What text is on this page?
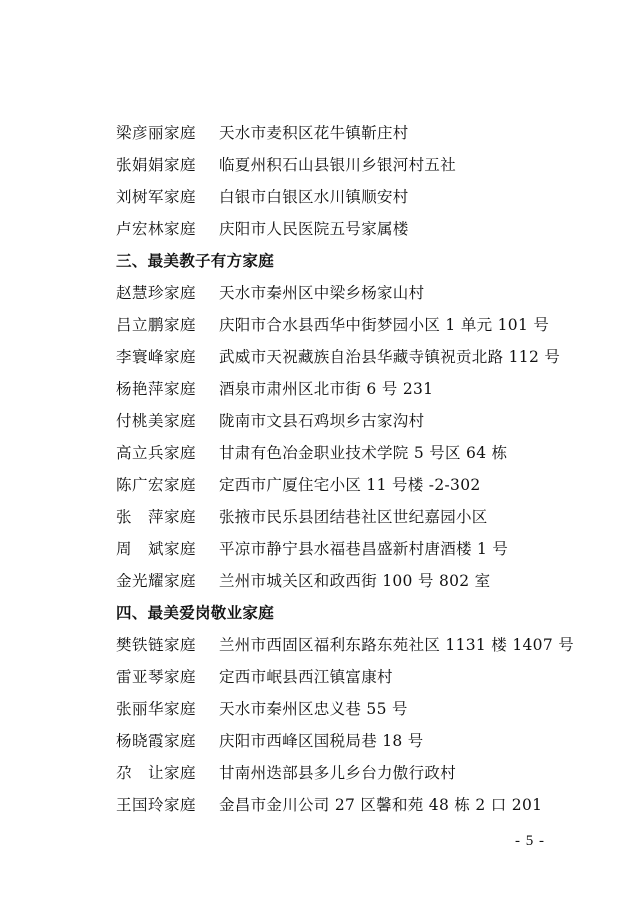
梁彦丽家庭	天水市麦积区花牛镇靳庄村
张娟娟家庭	临夏州积石山县银川乡银河村五社
刘树军家庭	白银市白银区水川镇顺安村
卢宏林家庭	庆阳市人民医院五号家属楼
三、最美教子有方家庭
赵慧珍家庭	天水市秦州区中梁乡杨家山村
吕立鹏家庭	庆阳市合水县西华中街梦园小区 1 单元 101 号
李寰峰家庭	武威市天祝藏族自治县华藏寺镇祝贡北路 112 号
杨艳萍家庭	酒泉市肃州区北市街 6 号 231
付桃美家庭	陇南市文县石鸡坝乡古家沟村
高立兵家庭	甘肃有色冶金职业技术学院 5 号区 64 栋
陈广宏家庭	定西市广厦住宅小区 11 号楼 -2-302
张　萍家庭	张掖市民乐县团结巷社区世纪嘉园小区
周　斌家庭	平凉市静宁县水福巷昌盛新村唐酒楼 1 号
金光耀家庭	兰州市城关区和政西街 100 号 802 室
四、最美爱岗敬业家庭
樊铁链家庭	兰州市西固区福利东路东苑社区 1131 楼 1407 号
雷亚琴家庭	定西市岷县西江镇富康村
张丽华家庭	天水市秦州区忠义巷 55 号
杨晓霞家庭	庆阳市西峰区国税局巷 18 号
尕　让家庭	甘南州迭部县多儿乡台力傲行政村
王国玲家庭	金昌市金川公司 27 区馨和苑 48 栋 2 口 201
- 5 -
